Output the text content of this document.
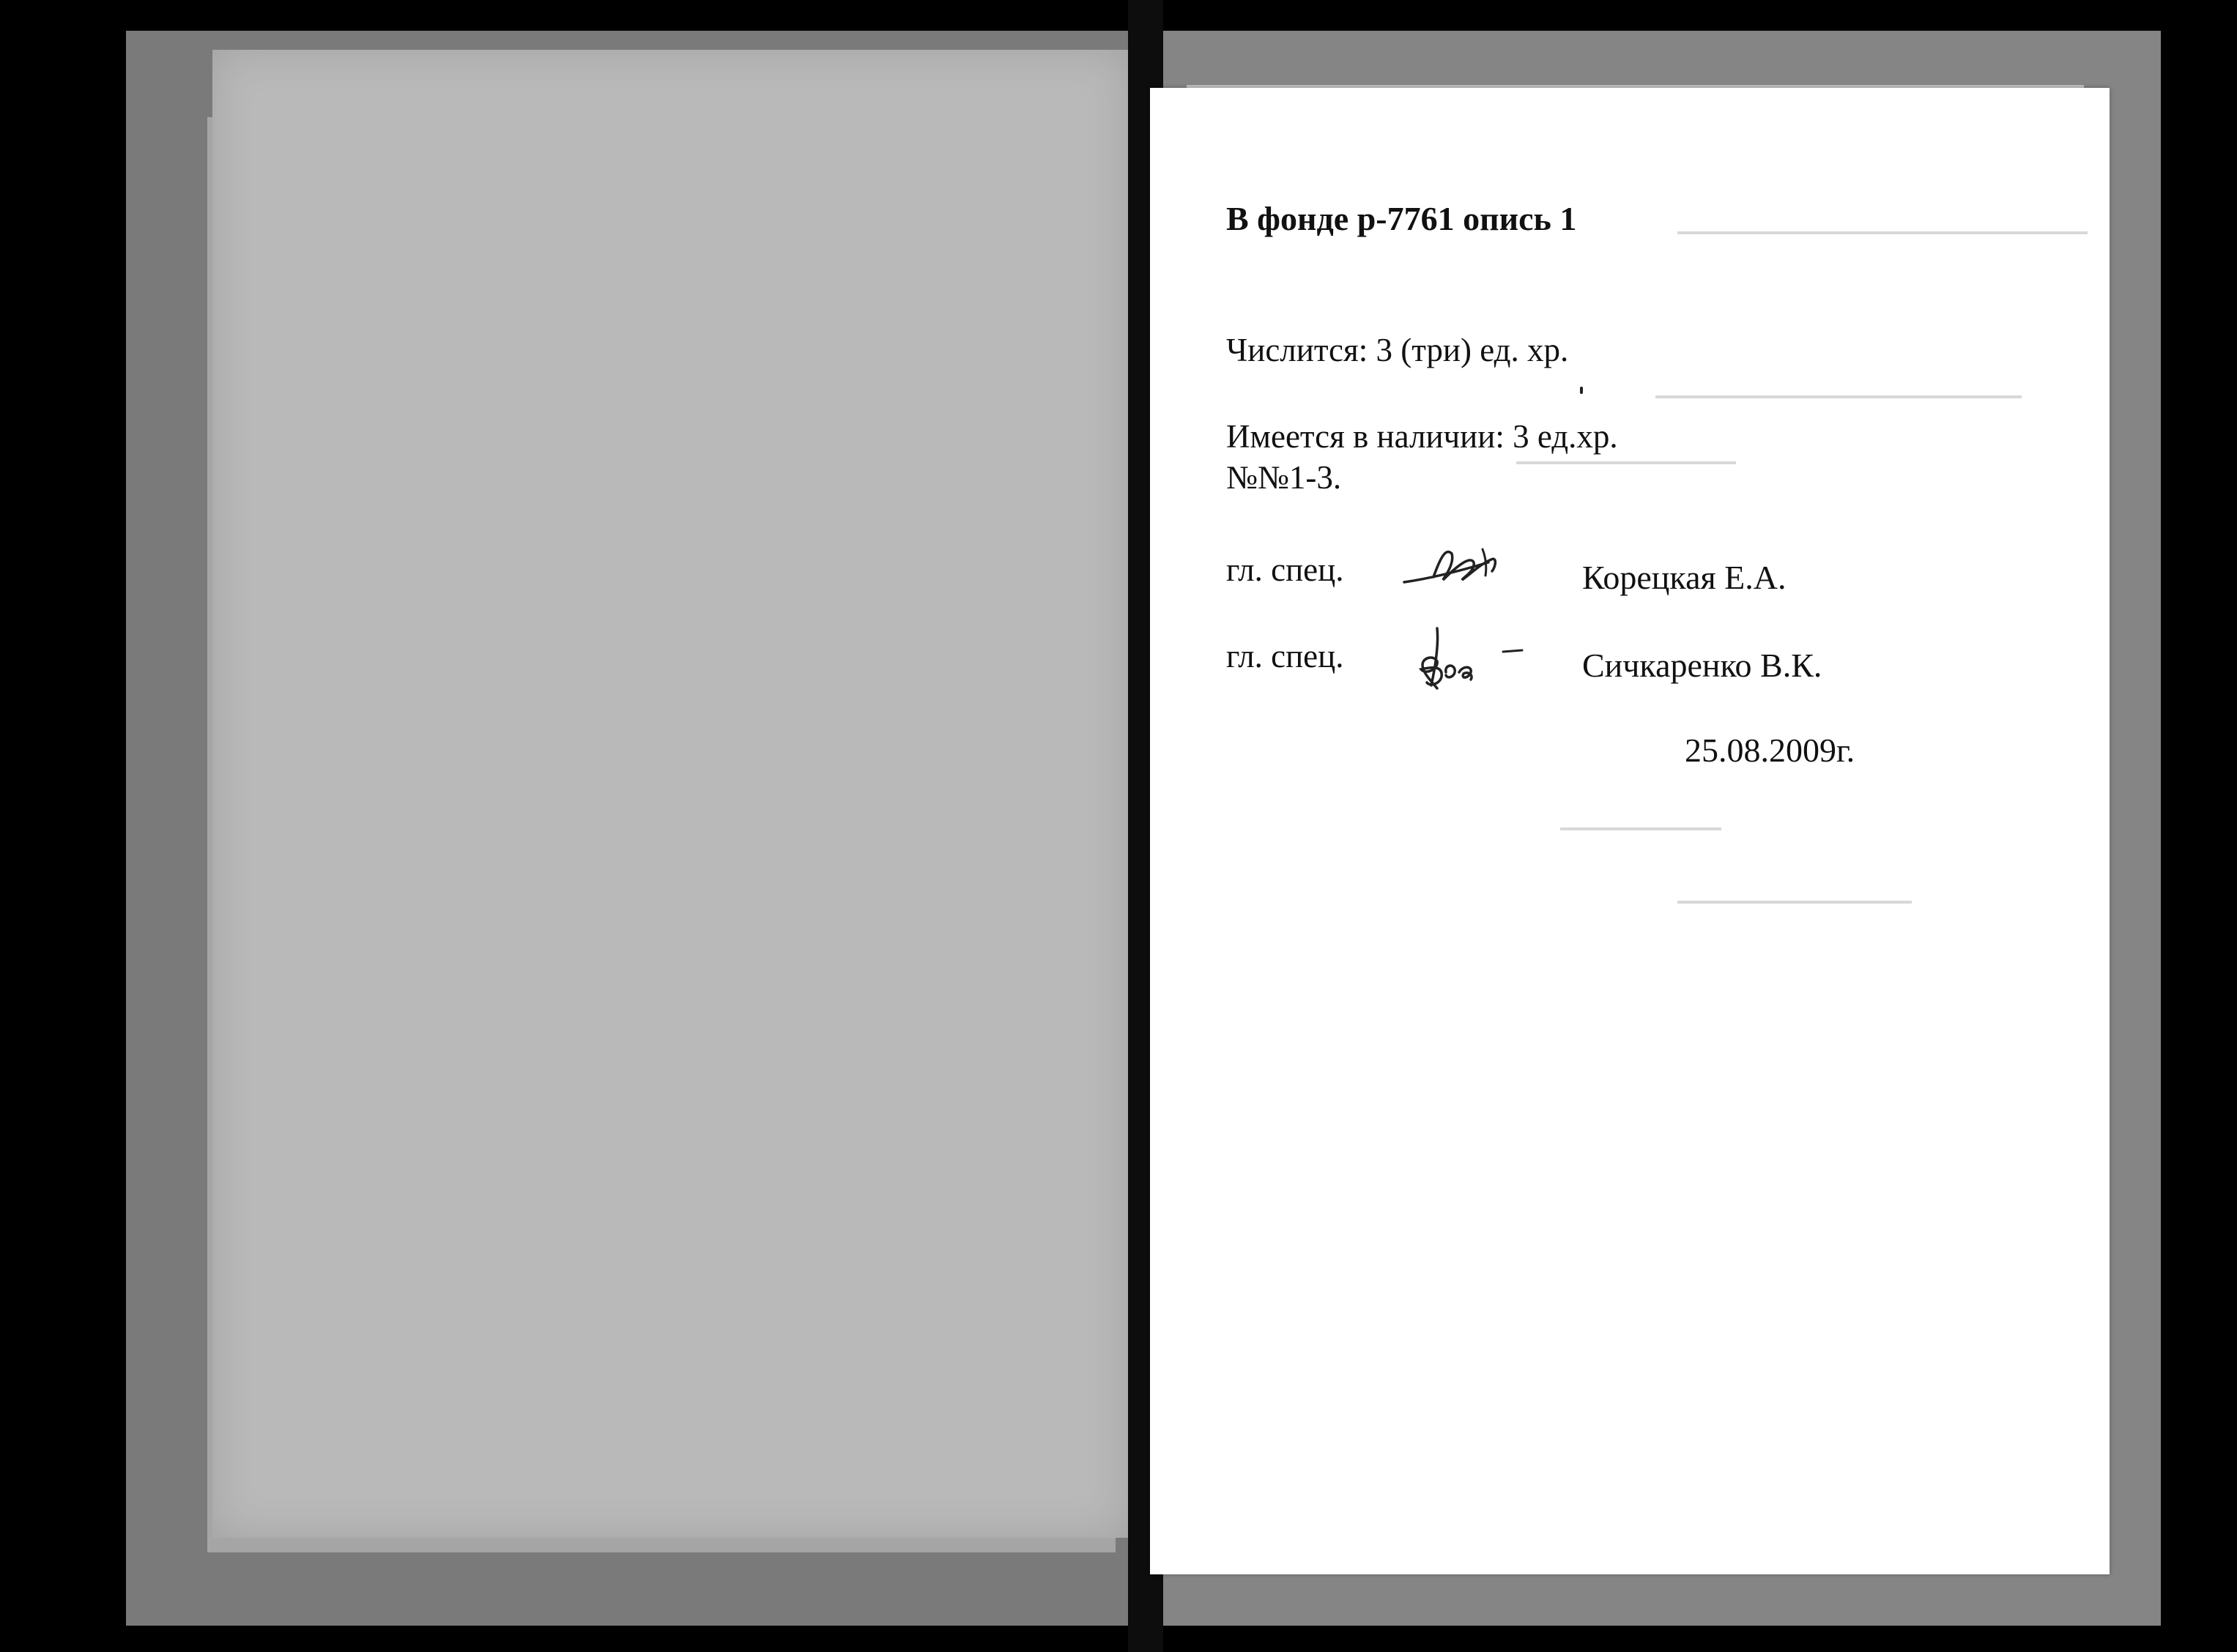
В фонде р-7761 опись 1
Числится: 3 (три) ед. хр.
Имеется в наличии: 3 ед.хр.
№№1-3.
гл. спец.	Корецкая Е.А.
гл. спец.	Сичкаренко В.К.
25.08.2009г.
